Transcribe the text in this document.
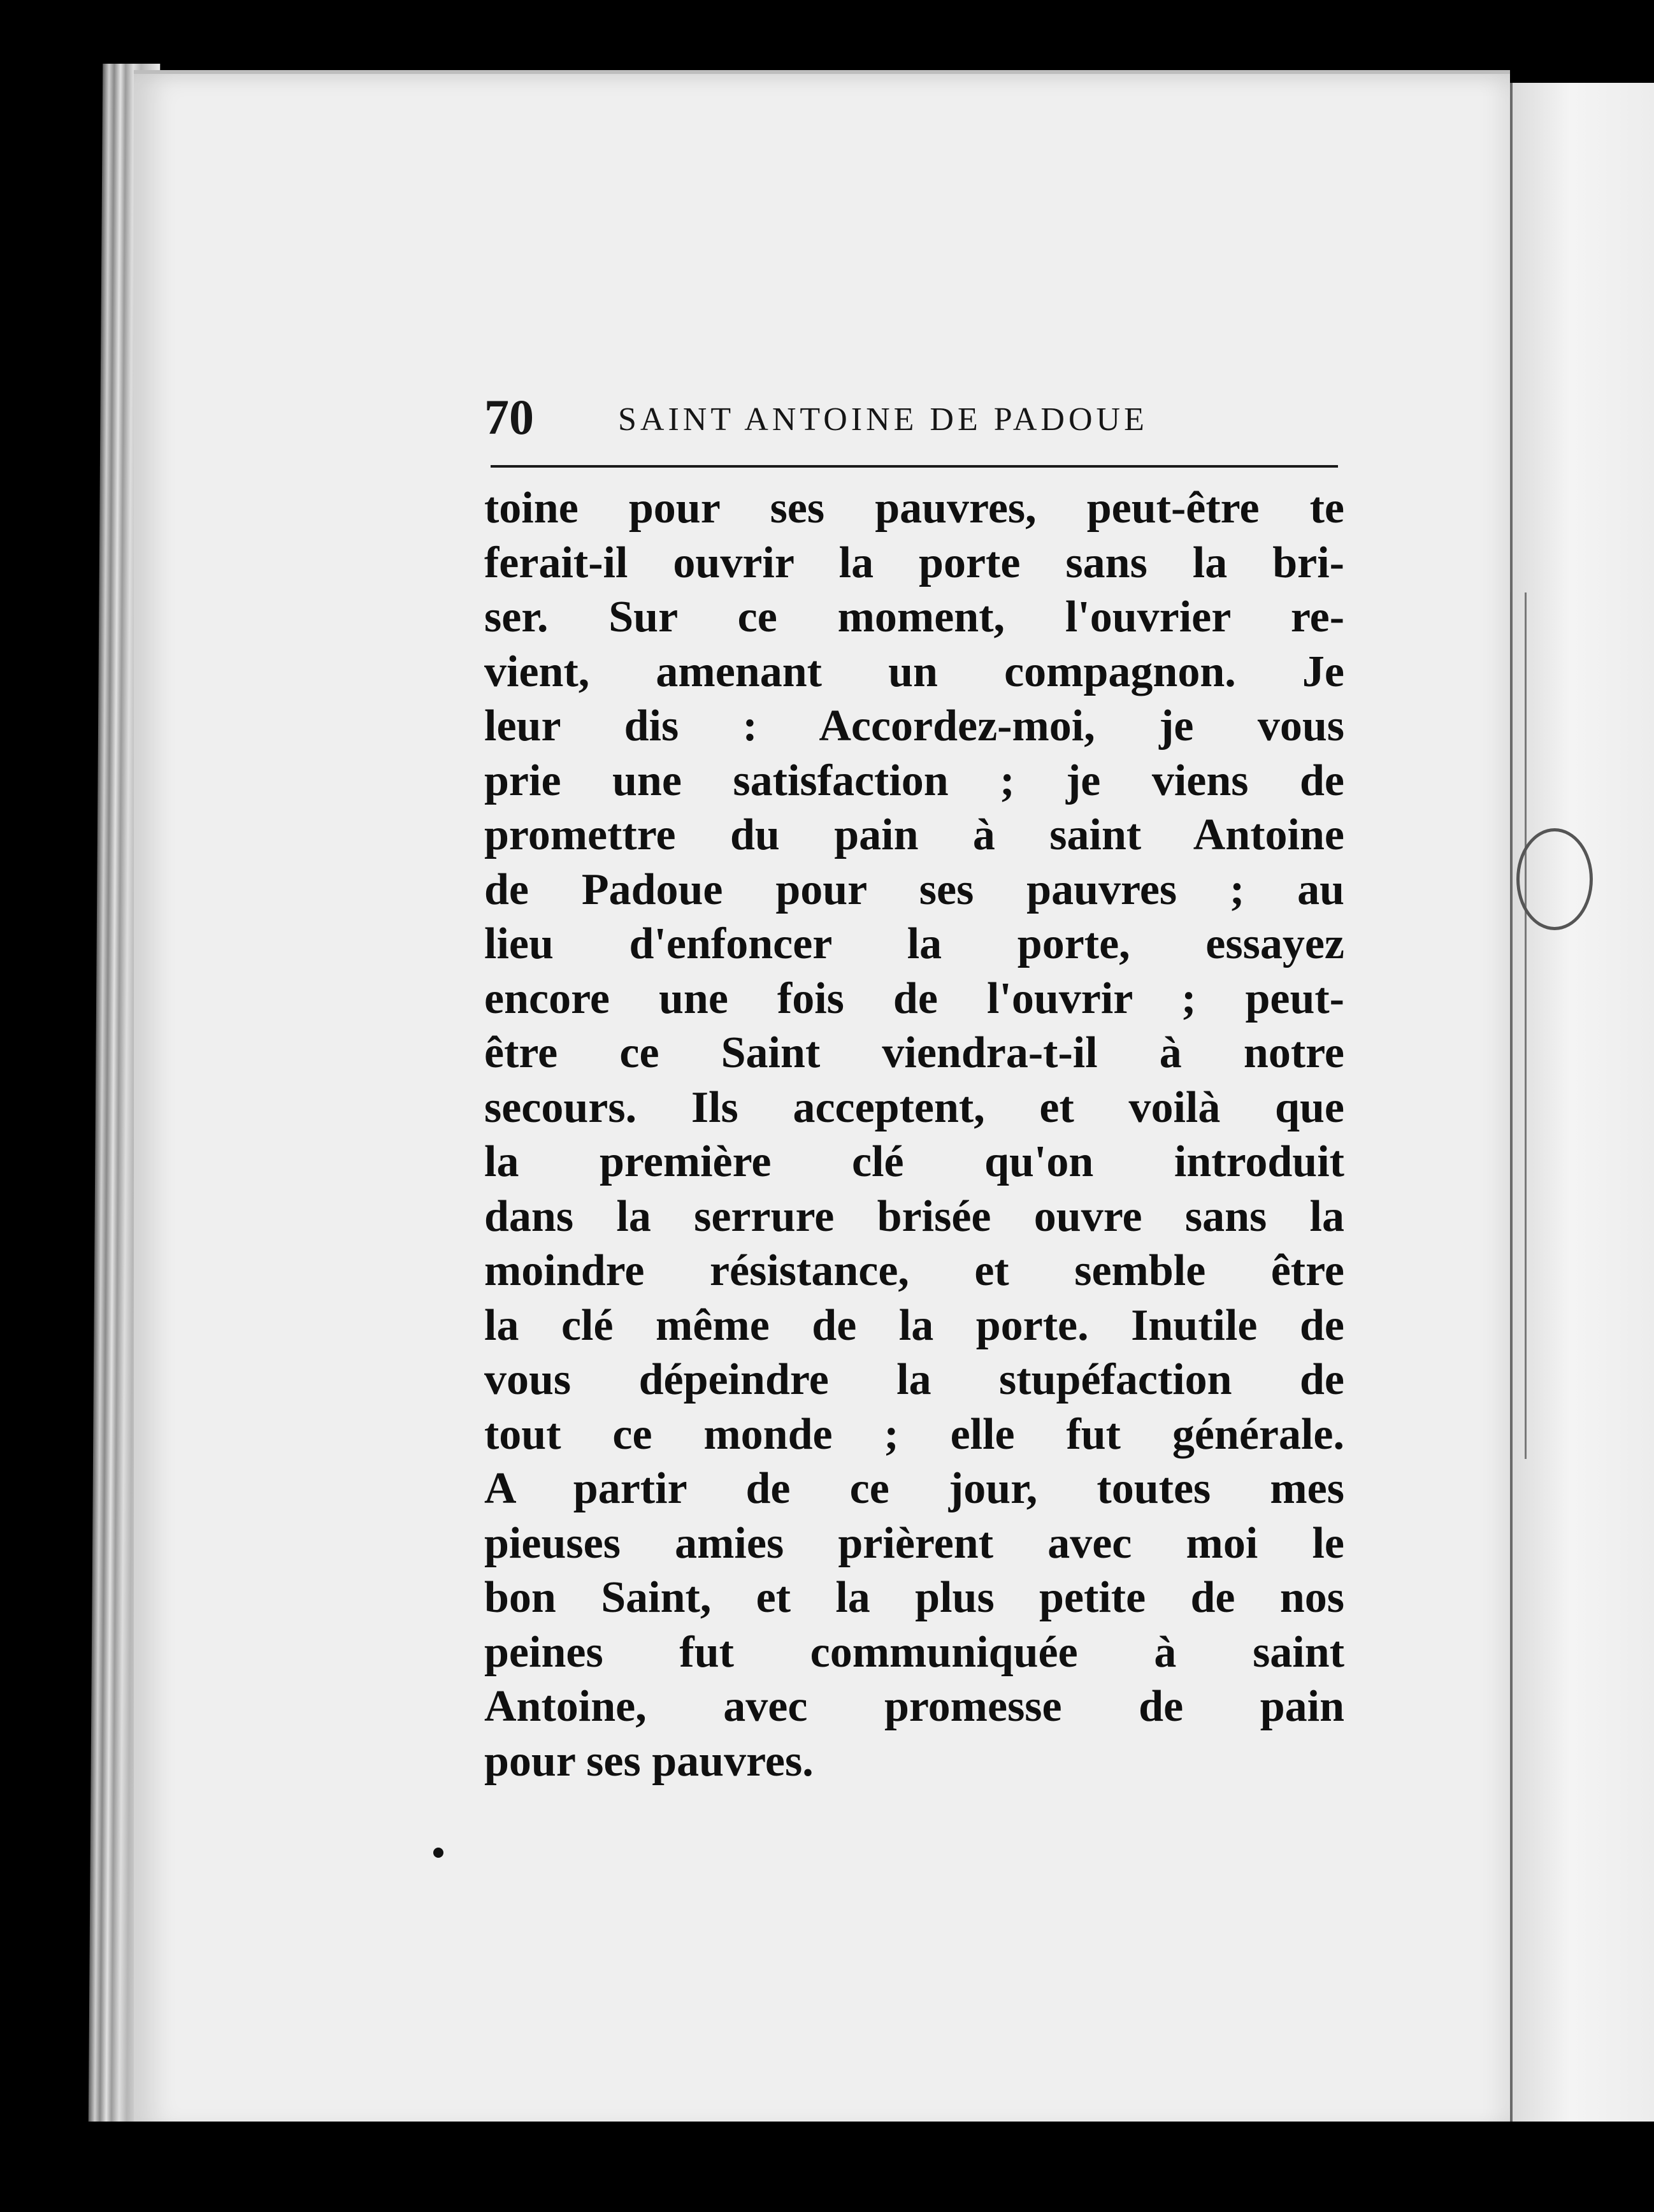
70	SAINT ANTOINE DE PADOUE
toine pour ses pauvres, peut-être te
ferait-il ouvrir la porte sans la bri-
ser. Sur ce moment, l'ouvrier re-
vient, amenant un compagnon. Je
leur dis : Accordez-moi, je vous
prie une satisfaction ; je viens de
promettre du pain à saint Antoine
de Padoue pour ses pauvres ; au
lieu d'enfoncer la porte, essayez
encore une fois de l'ouvrir ; peut-
être ce Saint viendra-t-il à notre
secours. Ils acceptent, et voilà que
la première clé qu'on introduit
dans la serrure brisée ouvre sans la
moindre résistance, et semble être
la clé même de la porte. Inutile de
vous dépeindre la stupéfaction de
tout ce monde ; elle fut générale.
A partir de ce jour, toutes mes
pieuses amies prièrent avec moi le
bon Saint, et la plus petite de nos
peines fut communiquée à saint
Antoine, avec promesse de pain
pour ses pauvres.
